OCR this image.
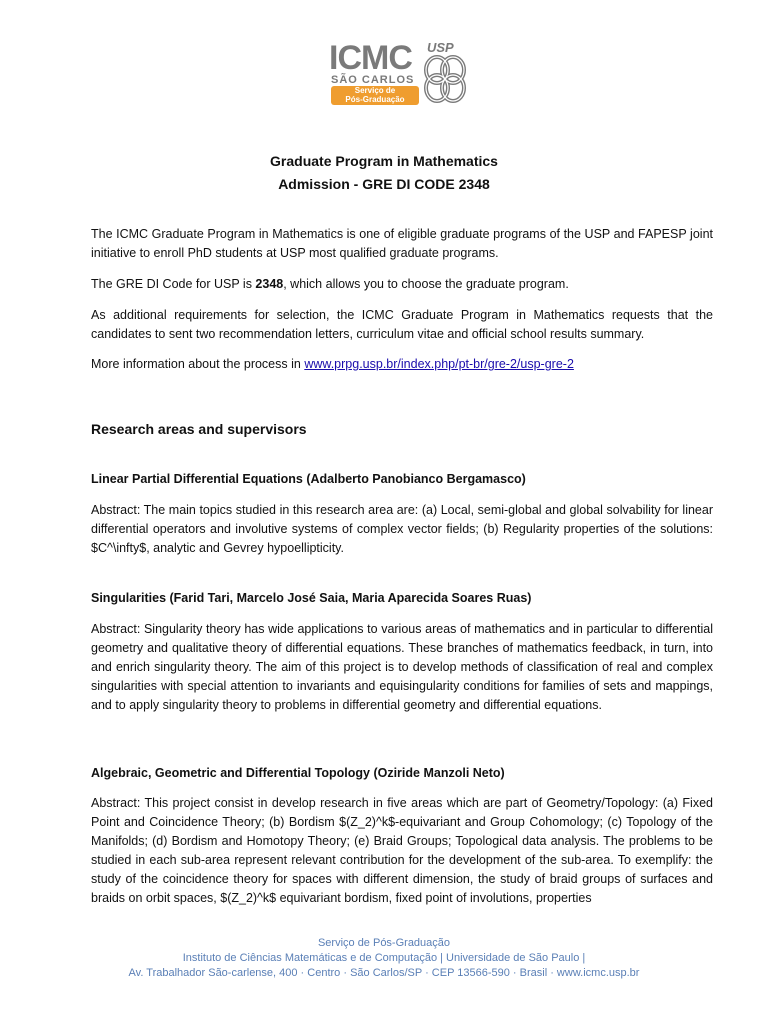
ICMC USP
SÃO CARLOS
Serviço de
Pós-Graduação
Graduate Program in Mathematics
Admission - GRE DI CODE 2348

The ICMC Graduate Program in Mathematics is one of eligible graduate programs of the USP and FAPESP joint initiative to enroll PhD students at USP most qualified graduate programs.

The GRE DI Code for USP is 2348, which allows you to choose the graduate program.

As additional requirements for selection, the ICMC Graduate Program in Mathematics requests that the candidates to sent two recommendation letters, curriculum vitae and official school results summary.

More information about the process in www.prpg.usp.br/index.php/pt-br/gre-2/usp-gre-2

Research areas and supervisors
Linear Partial Differential Equations (Adalberto Panobianco Bergamasco)

Abstract: The main topics studied in this research area are: (a) Local, semi-global and global solvability for linear differential operators and involutive systems of complex vector fields; (b) Regularity properties of the solutions: $C^\infty$, analytic and Gevrey hypoellipticity.

Singularities (Farid Tari, Marcelo José Saia, Maria Aparecida Soares Ruas)

Abstract: Singularity theory has wide applications to various areas of mathematics and in particular to differential geometry and qualitative theory of differential equations. These branches of mathematics feedback, in turn, into and enrich singularity theory. The aim of this project is to develop methods of classification of real and complex singularities with special attention to invariants and equisingularity conditions for families of sets and mappings, and to apply singularity theory to problems in differential geometry and differential equations.

Algebraic, Geometric and Differential Topology (Oziride Manzoli Neto)

Abstract: This project consist in develop research in five areas which are part of Geometry/Topology: (a) Fixed Point and Coincidence Theory; (b) Bordism $(Z_2)^k$-equivariant and Group Cohomology; (c) Topology of the Manifolds; (d) Bordism and Homotopy Theory; (e) Braid Groups; Topological data analysis. The problems to be studied in each sub-area represent relevant contribution for the development of the sub-area. To exemplify: the study of the coincidence theory for spaces with different dimension, the study of braid groups of surfaces and braids on orbit spaces, $(Z_2)^k$ equivariant bordism, fixed point of involutions, properties

Serviço de Pós-Graduação
Instituto de Ciências Matemáticas e de Computação | Universidade de São Paulo |
Av. Trabalhador São-carlense, 400 · Centro · São Carlos/SP · CEP 13566-590 · Brasil · www.icmc.usp.br
